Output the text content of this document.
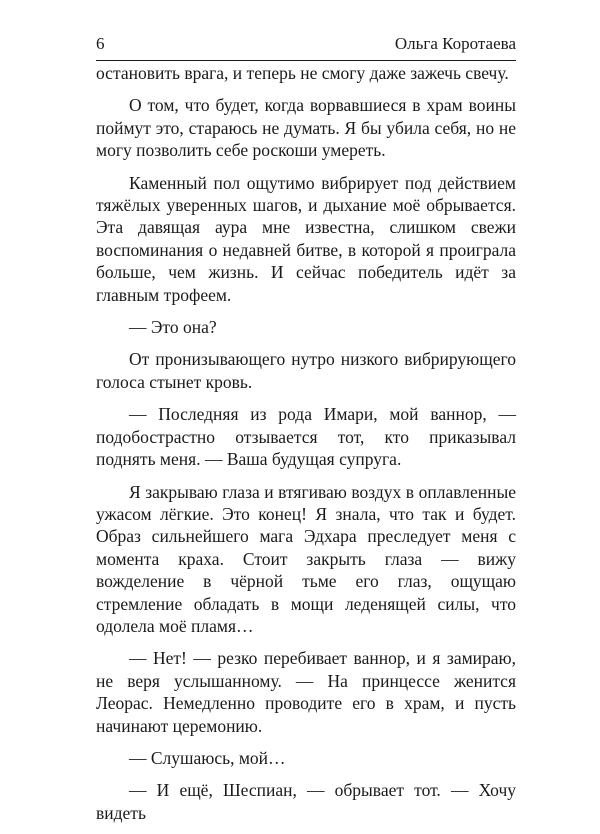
6	Ольга Коротаева

остановить врага, и теперь не смогу даже зажечь свечу.

О том, что будет, когда ворвавшиеся в храм воины поймут это, стараюсь не думать. Я бы убила себя, но не могу позволить себе роскоши умереть.

Каменный пол ощутимо вибрирует под действием тяжёлых уверенных шагов, и дыхание моё обрывается. Эта давящая аура мне известна, слишком свежи воспоминания о недавней битве, в которой я проиграла больше, чем жизнь. И сейчас победитель идёт за главным трофеем.

— Это она?

От пронизывающего нутро низкого вибрирующего голоса стынет кровь.

— Последняя из рода Имари, мой ваннор, — подобострастно отзывается тот, кто приказывал поднять меня. — Ваша будущая супруга.

Я закрываю глаза и втягиваю воздух в оплавленные ужасом лёгкие. Это конец! Я знала, что так и будет. Образ сильнейшего мага Эдхара преследует меня с момента краха. Стоит закрыть глаза — вижу вожделение в чёрной тьме его глаз, ощущаю стремление обладать в мощи леденящей силы, что одолела моё пламя…

— Нет! — резко перебивает ваннор, и я замираю, не веря услышанному. — На принцессе женится Леорас. Немедленно проводите его в храм, и пусть начинают церемонию.

— Слушаюсь, мой…

— И ещё, Шеспиан, — обрывает тот. — Хочу видеть
